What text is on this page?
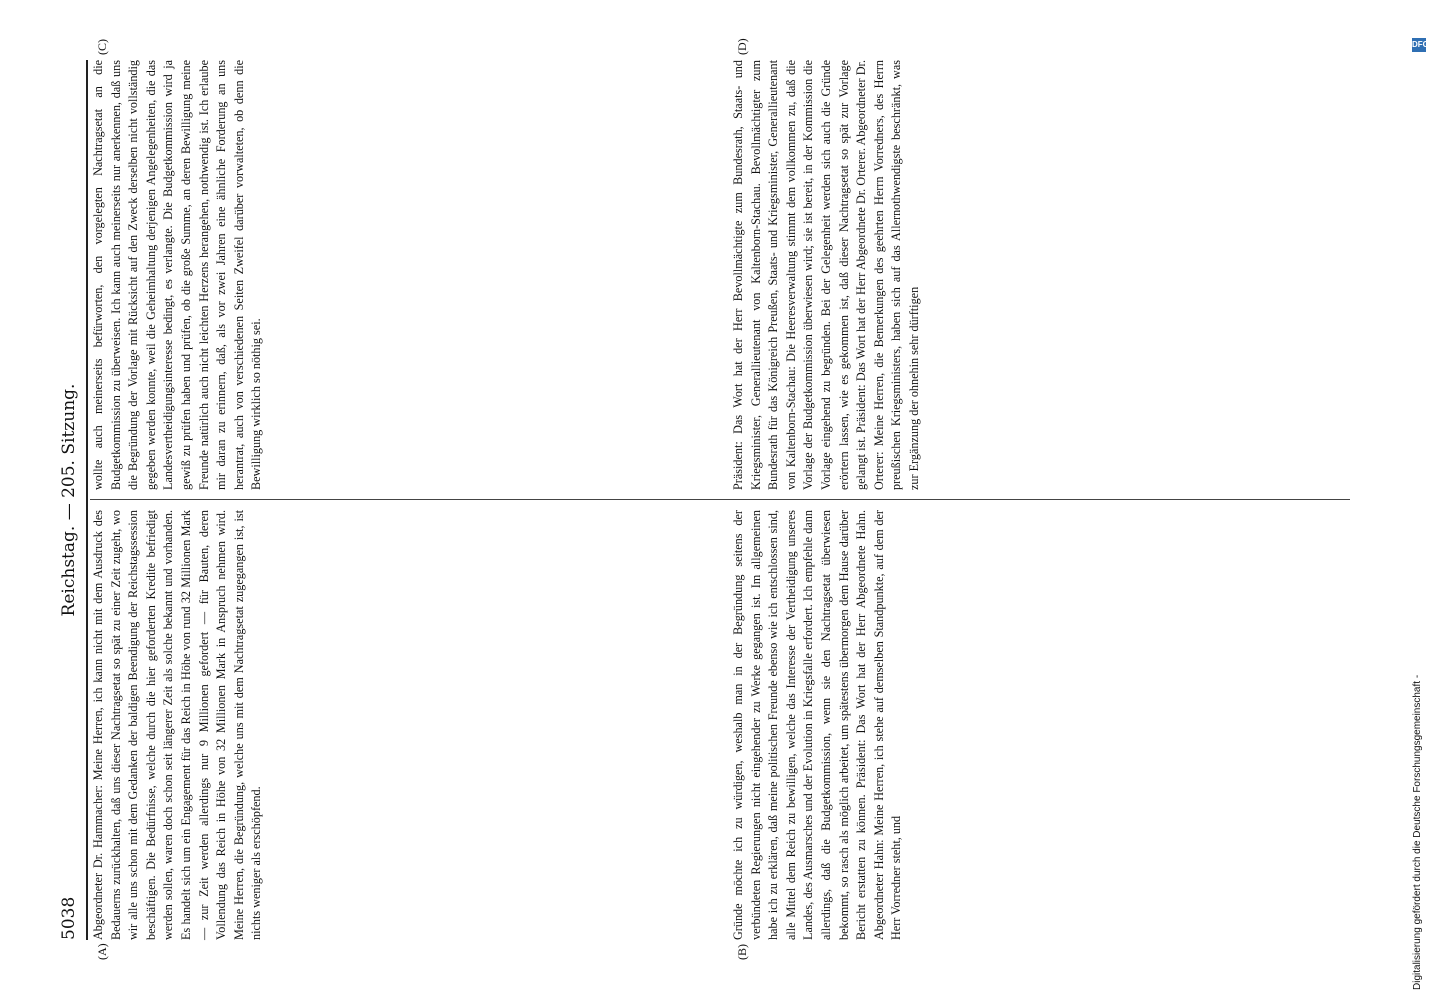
5038
Reichstag. — 205. Sitzung.
(A)	(B)
(C)	(D)

Abgeordneter Dr. Hammacher: Meine Herren, ich kann nicht mit dem Ausdruck des Bedauerns zurückhalten, daß uns dieser Nachtragsetat so spät zu einer Zeit zugeht, wo wir alle uns schon mit dem Gedanken der baldigen Beendigung der Reichstagssession beschäftigen. Die Bedürfnisse, welche durch die hier geforderten Kredite befriedigt werden sollen, waren doch schon seit längerer Zeit als solche bekannt und vorhanden. Es handelt sich um ein Engagement für das Reich in Höhe von rund 32 Millionen Mark — zur Zeit werden allerdings nur 9 Millionen gefordert — für Bauten, deren Vollendung das Reich in Höhe von 32 Millionen Mark in Anspruch nehmen wird. Meine Herren, die Begründung, welche uns mit dem Nachtragsetat zugegangen ist, ist nichts weniger als erschöpfend.

wollte auch meinerseits befürworten, den vorgelegten Nachtragsetat an die Budgetkommission zu überweisen. Ich kann auch meinerseits nur anerkennen, daß uns die Begründung der Vorlage mit Rücksicht auf den Zweck derselben nicht vollständig gegeben werden konnte, weil die Geheimhaltung derjenigen Angelegenheiten, die das Landesvertheidigungsinteresse bedingt, es verlangte. Die Budgetkommission wird ja gewiß zu prüfen haben und prüfen, ob die große Summe, an deren Bewilligung meine Freunde natürlich auch nicht leichten Herzens herangehen, nothwendig ist. Ich erlaube mir daran zu erinnern, daß, als vor zwei Jahren eine ähnliche Forderung an uns herantrat, auch von verschiedenen Seiten Zweifel darüber vorwalteten, ob denn die Bewilligung wirklich so nöthig sei.

Gründe möchte ich zu würdigen, weshalb man in der Begründung seitens der verbündeten Regierungen nicht eingehender zu Werke gegangen ist. Im allgemeinen habe ich zu erklären, daß meine politischen Freunde ebenso wie ich entschlossen sind, alle Mittel dem Reich zu bewilligen, welche das Interesse der Vertheidigung unseres Landes, des Ausmarsches und der Evolution in Kriegsfalle erfordert. Ich empfehle dann allerdings, daß die Budgetkommission, wenn sie den Nachtragsetat überwiesen bekommt, so rasch als möglich arbeitet, um spätestens übermorgen dem Hause darüber Bericht erstatten zu können. Präsident: Das Wort hat der Herr Abgeordnete Hahn. Abgeordneter Hahn: Meine Herren, ich stehe auf demselben Standpunkte, auf dem der Herr Vorredner steht, und

Präsident: Das Wort hat der Herr Bevollmächtigte zum Bundesrath, Staats- und Kriegsminister, Generallieutenant von Kaltenborn-Stachau. Bevollmächtigter zum Bundesrath für das Königreich Preußen, Staats- und Kriegsminister, Generallieutenant von Kaltenborn-Stachau: Die Heeresverwaltung stimmt dem vollkommen zu, daß die Vorlage der Budgetkommission überwiesen wird; sie ist bereit, in der Kommission die Vorlage eingehend zu begründen. Bei der Gelegenheit werden sich auch die Gründe erörtern lassen, wie es gekommen ist, daß dieser Nachtragsetat so spät zur Vorlage gelangt ist. Präsident: Das Wort hat der Herr Abgeordnete Dr. Orterer. Abgeordneter Dr. Orterer: Meine Herren, die Bemerkungen des geehrten Herrn Vorredners, des Herrn preußischen Kriegsministers, haben sich auf das Allernothwendigste beschränkt, was zur Ergänzung der ohnehin sehr dürftigen

DFG
Digitalisierung gefördert durch die Deutsche Forschungsgemeinschaft -
